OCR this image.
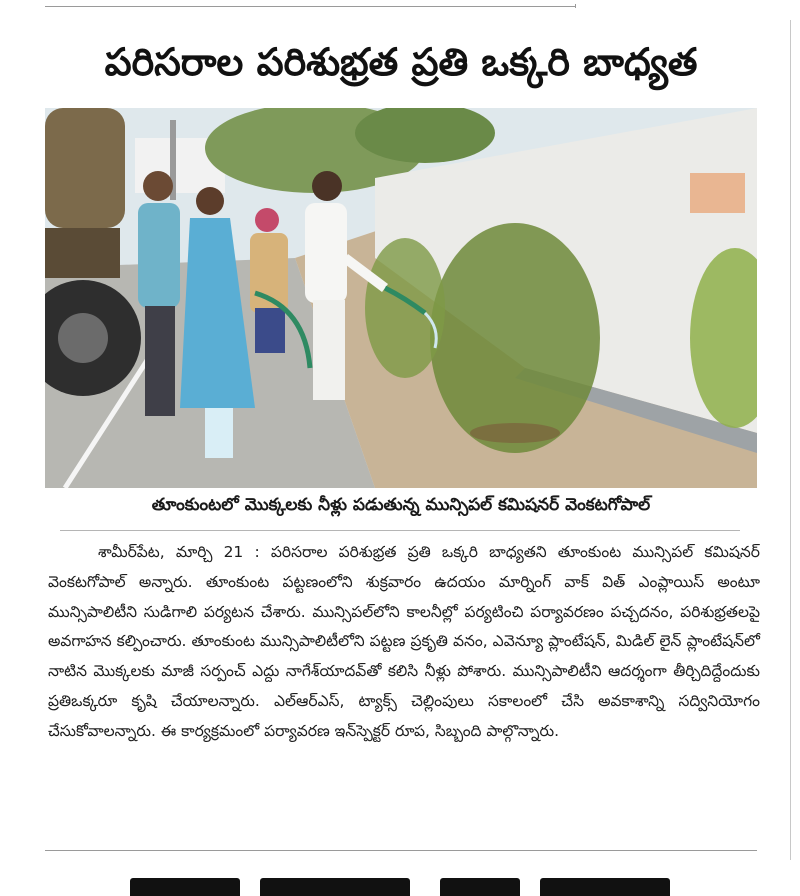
పరిసరాల పరిశుభ్రత ప్రతి ఒక్కరి బాధ్యత

తూంకుంటలో మొక్కలకు నీళ్లు పడుతున్న మున్సిపల్ కమిషనర్ వెంకటగోపాల్

శామీర్‌పేట, మార్చి 21 : పరిసరాల పరిశుభ్రత ప్రతి ఒక్కరి బాధ్యతని తూంకుంట మున్సిపల్ కమిషనర్ వెంకటగోపాల్ అన్నారు. తూంకుంట పట్టణంలోని శుక్రవారం ఉదయం మార్నింగ్ వాక్ విత్ ఎంప్లాయిస్ అంటూ మున్సిపాలిటీని సుడిగాలి పర్యటన చేశారు. మున్సిపల్‌లోని కాలనీల్లో పర్యటించి పర్యావరణం పచ్చదనం, పరిశుభ్రతలపై అవగాహన కల్పించారు. తూంకుంట మున్సిపాలిటీలోని పట్టణ ప్రకృతి వనం, ఎవెన్యూ ప్లాంటేషన్, మిడిల్ లైన్ ప్లాంటేషన్‌లో నాటిన మొక్కలకు మాజీ సర్పంచ్ ఎద్దు నాగేశ్‌యాదవ్‌తో కలిసి నీళ్లు పోశారు. మున్సిపాలిటీని ఆదర్శంగా తీర్చిదిద్దేందుకు ప్రతిఒక్కరూ కృషి చేయాలన్నారు. ఎల్ఆర్ఎస్, ట్యాక్స్ చెల్లింపులు సకాలంలో చేసి అవకాశాన్ని సద్వినియోగం చేసుకోవాలన్నారు. ఈ కార్యక్రమంలో పర్యావరణ ఇన్‌స్పెక్టర్ రూప, సిబ్బంది పాల్గొన్నారు.
